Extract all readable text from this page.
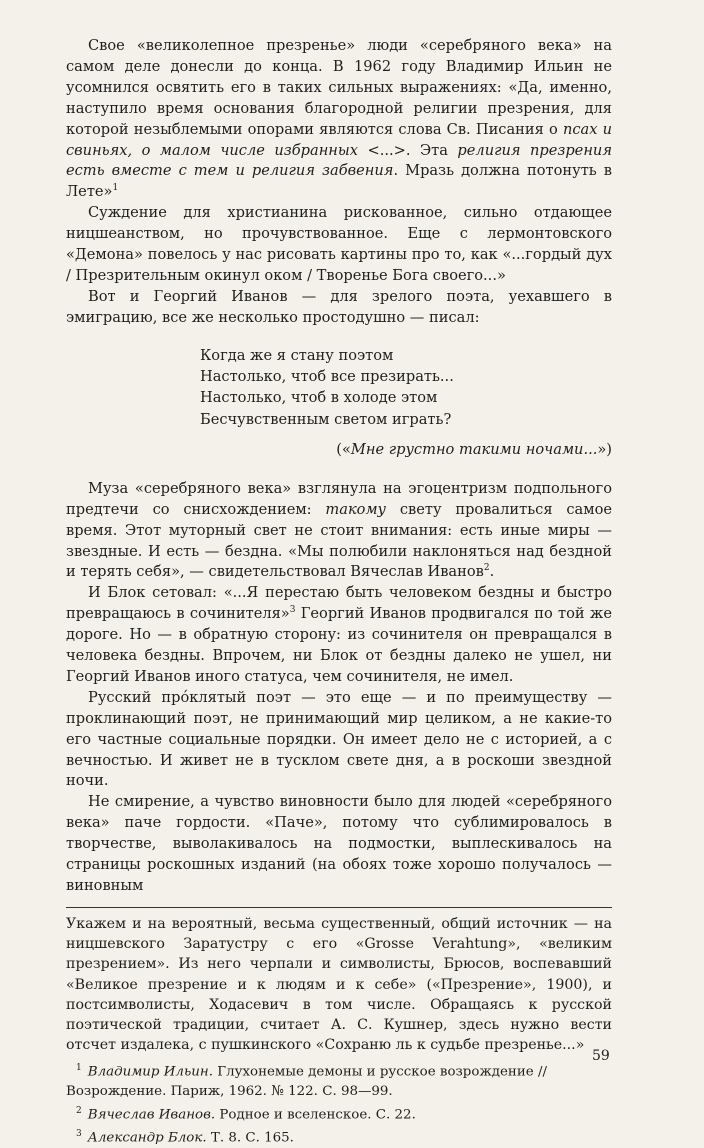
Свое «великолепное презренье» люди «серебряного века» на самом деле донесли до конца. В 1962 году Владимир Ильин не усомнился освятить его в таких сильных выражениях: «Да, именно, наступило время основания благородной религии презрения, для которой незыблемыми опорами являются слова Св. Писания о псах и свиньях, о малом числе избранных <...>. Эта религия презрения есть вместе с тем и религия забвения. Мразь должна потонуть в Лете»$^1$

Суждение для христианина рискованное, сильно отдающее ницшеанством, но прочувствованное. Еще с лермонтовского «Демона» повелось у нас рисовать картины про то, как «...гордый дух / Презрительным окинул оком / Творенье Бога своего...»

Вот и Георгий Иванов — для зрелого поэта, уехавшего в эмиграцию, все же несколько простодушно — писал:

Когда же я стану поэтом
Настолько, чтоб все презирать...
Настолько, чтоб в холоде этом
Бесчувственным светом играть?
(«Мне грустно такими ночами...»)

Муза «серебряного века» взглянула на эгоцентризм подпольного предтечи со снисхождением: такому свету провалиться самое время. Этот муторный свет не стоит внимания: есть иные миры — звездные. И есть — бездна. «Мы полюбили наклоняться над бездной и терять себя», — свидетельствовал Вячеслав Иванов$^2$.

И Блок сетовал: «...Я перестаю быть человеком бездны и быстро превращаюсь в сочинителя»$^3$ Георгий Иванов продвигался по той же дороге. Но — в обратную сторону: из сочинителя он превращался в человека бездны. Впрочем, ни Блок от бездны далеко не ушел, ни Георгий Иванов иного статуса, чем сочинителя, не имел.

Русский прóклятый поэт — это еще — и по преимуществу — проклинающий поэт, не принимающий мир целиком, а не какие-то его частные социальные порядки. Он имеет дело не с историей, а с вечностью. И живет не в тусклом свете дня, а в роскоши звездной ночи.

Не смирение, а чувство виновности было для людей «серебряного века» паче гордости. «Паче», потому что сублимировалось в творчестве, выволакивалось на подмостки, выплескивалось на страницы роскошных изданий (на обоях тоже хорошо получалось — виновным

Укажем и на вероятный, весьма существенный, общий источник — на ницшевского Заратустру с его «Grosse Verahtung», «великим презрением». Из него черпали и символисты, Брюсов, воспевавший «Великое презрение и к людям и к себе» («Презрение», 1900), и постсимволисты, Ходасевич в том числе. Обращаясь к русской поэтической традиции, считает А. С. Кушнер, здесь нужно вести отсчет издалека, с пушкинского «Сохраню ль к судьбе презренье...»

$^1$ Владимир Ильин. Глухонемые демоны и русское возрождение // Возрождение. Париж, 1962. № 122. С. 98—99.
$^2$ Вячеслав Иванов. Родное и вселенское. С. 22.
$^3$ Александр Блок. Т. 8. С. 165.
59
